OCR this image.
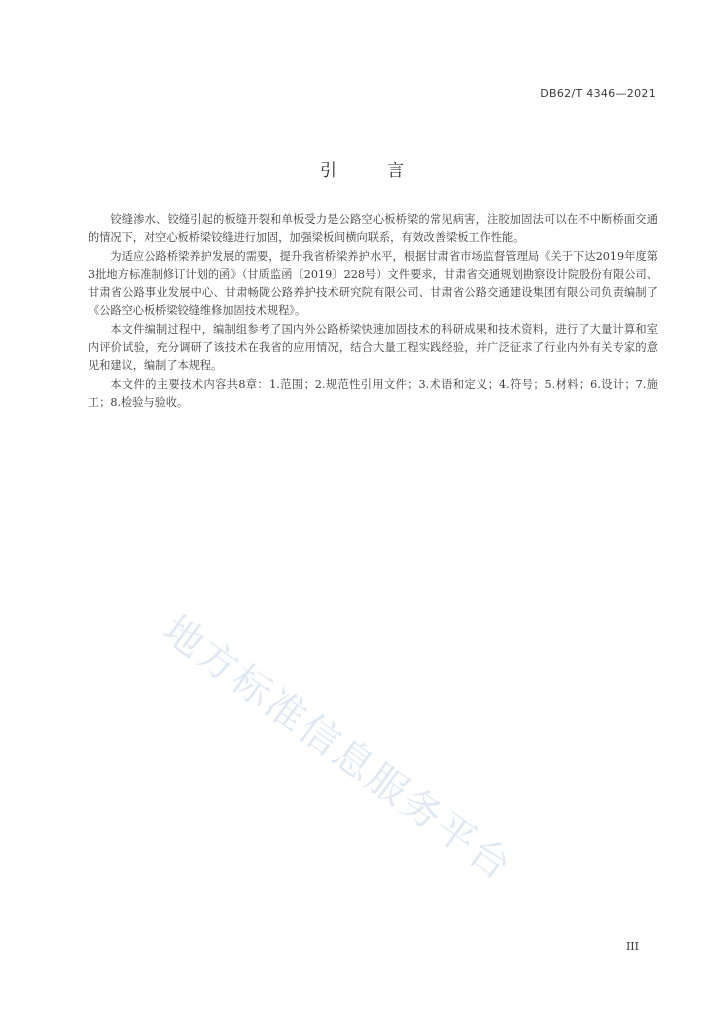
DB62/T 4346—2021
引	言

铰缝渗水、铰缝引起的板缝开裂和单板受力是公路空心板桥梁的常见病害，注胶加固法可以在不中断桥面交通的情况下，对空心板桥梁铰缝进行加固，加强梁板间横向联系，有效改善梁板工作性能。

为适应公路桥梁养护发展的需要，提升我省桥梁养护水平，根据甘肃省市场监督管理局《关于下达2019年度第3批地方标准制修订计划的函》（甘质监函〔2019〕228号）文件要求，甘肃省交通规划勘察设计院股份有限公司、甘肃省公路事业发展中心、甘肃畅陇公路养护技术研究院有限公司、甘肃省公路交通建设集团有限公司负责编制了《公路空心板桥梁铰缝维修加固技术规程》。

本文件编制过程中，编制组参考了国内外公路桥梁快速加固技术的科研成果和技术资料，进行了大量计算和室内评价试验，充分调研了该技术在我省的应用情况，结合大量工程实践经验，并广泛征求了行业内外有关专家的意见和建议，编制了本规程。

本文件的主要技术内容共8章：1.范围；2.规范性引用文件；3.术语和定义；4.符号；5.材料；6.设计；7.施工；8.检验与验收。

地方标准信息服务平台
III
